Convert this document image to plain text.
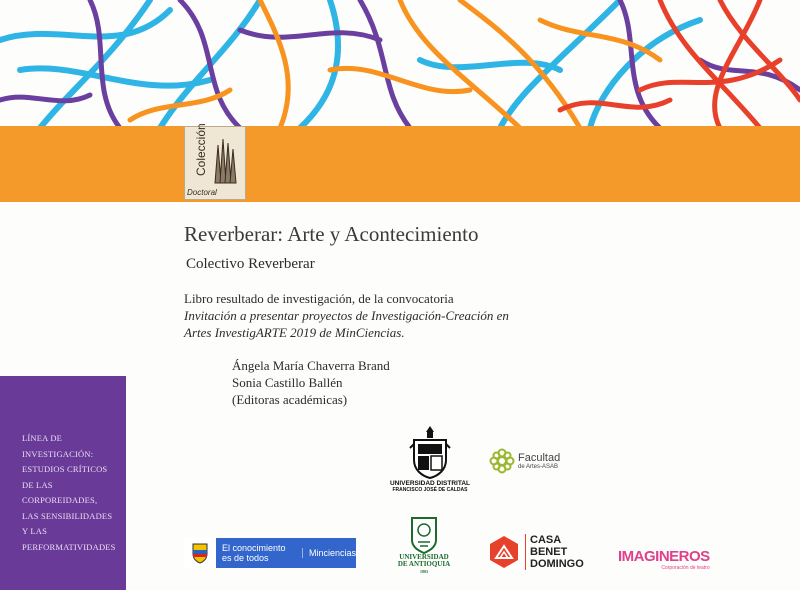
Colección
Doctoral
Reverberar: Arte y Acontecimiento
Colectivo Reverberar
Libro resultado de investigación, de la convocatoria
Invitación a presentar proyectos de Investigación-Creación en
Artes InvestigARTE 2019 de MinCiencias.
Ángela María Chaverra Brand
Sonia Castillo Ballén
(Editoras académicas)
LÍNEA DE
INVESTIGACIÓN:
ESTUDIOS CRÍTICOS
DE LAS
CORPOREIDADES,
LAS SENSIBILIDADES
Y LAS
PERFORMATIVIDADES
UNIVERSIDAD DISTRITAL
FRANCISCO JOSÉ DE CALDAS
Facultad
de Artes-ASAB
El conocimiento
es de todos	Minciencias	UNIVERSIDAD
DE ANTIOQUIA
1803
CASA
BENET
DOMINGO IMAGINEROS
Corporación de teatro
